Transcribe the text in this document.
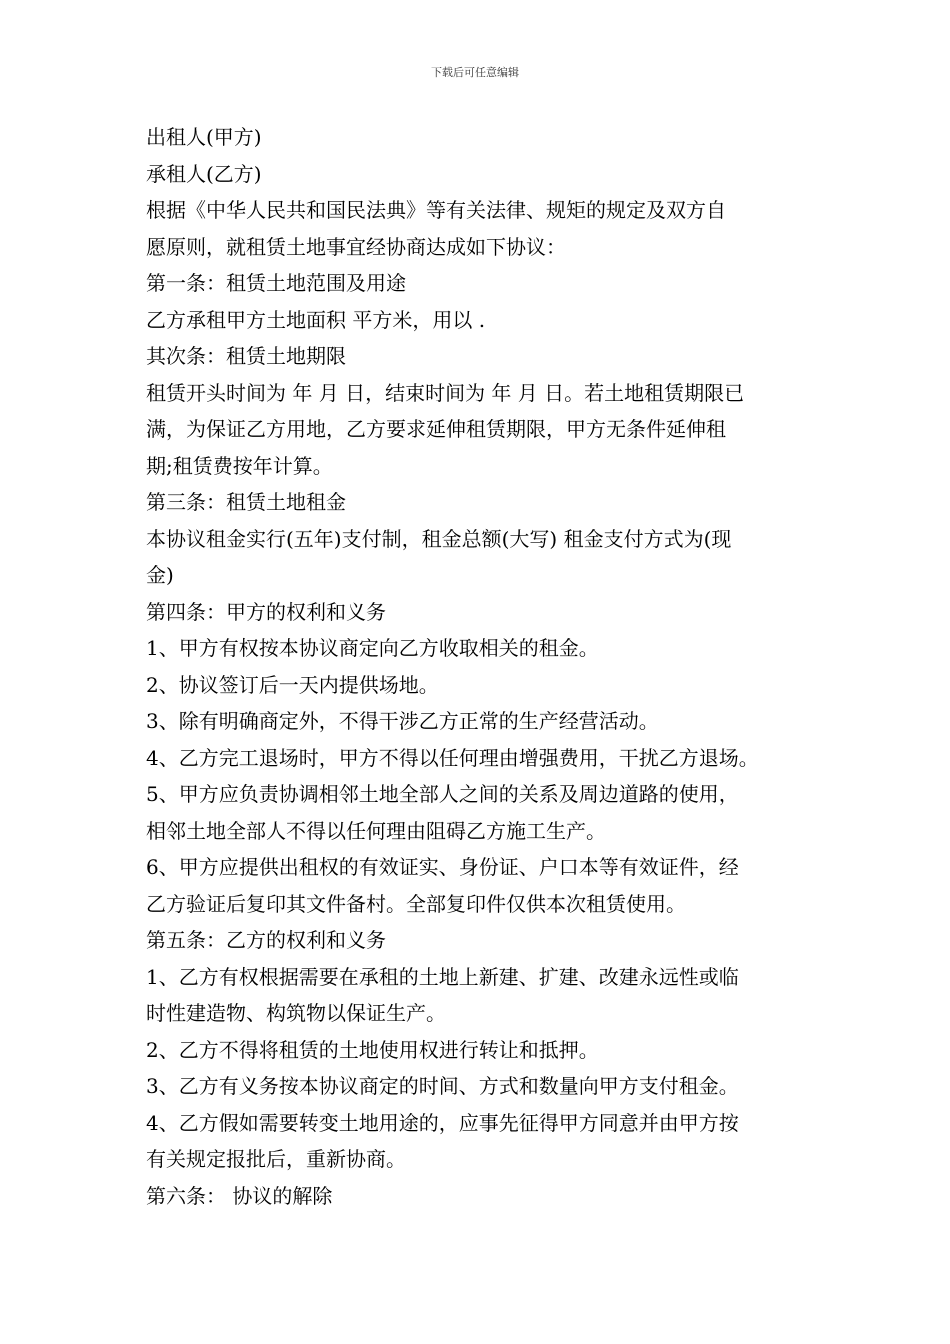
下载后可任意编辑
出租人(甲方)
承租人(乙方)
根据《中华人民共和国民法典》等有关法律、规矩的规定及双方自
愿原则，就租赁土地事宜经协商达成如下协议：
第一条：租赁土地范围及用途
乙方承租甲方土地面积 平方米，用以 .
其次条：租赁土地期限
租赁开头时间为 年 月 日，结束时间为 年 月 日。若土地租赁期限已
满，为保证乙方用地，乙方要求延伸租赁期限，甲方无条件延伸租
期;租赁费按年计算。
第三条：租赁土地租金
本协议租金实行(五年)支付制，租金总额(大写) 租金支付方式为(现
金)
第四条：甲方的权利和义务
1、甲方有权按本协议商定向乙方收取相关的租金。
2、协议签订后一天内提供场地。
3、除有明确商定外，不得干涉乙方正常的生产经营活动。
4、乙方完工退场时，甲方不得以任何理由增强费用，干扰乙方退场。
5、甲方应负责协调相邻土地全部人之间的关系及周边道路的使用，
相邻土地全部人不得以任何理由阻碍乙方施工生产。
6、甲方应提供出租权的有效证实、身份证、户口本等有效证件，经
乙方验证后复印其文件备村。全部复印件仅供本次租赁使用。
第五条：乙方的权利和义务
1、乙方有权根据需要在承租的土地上新建、扩建、改建永远性或临
时性建造物、构筑物以保证生产。
2、乙方不得将租赁的土地使用权进行转让和抵押。
3、乙方有义务按本协议商定的时间、方式和数量向甲方支付租金。
4、乙方假如需要转变土地用途的，应事先征得甲方同意并由甲方按
有关规定报批后，重新协商。
第六条： 协议的解除
